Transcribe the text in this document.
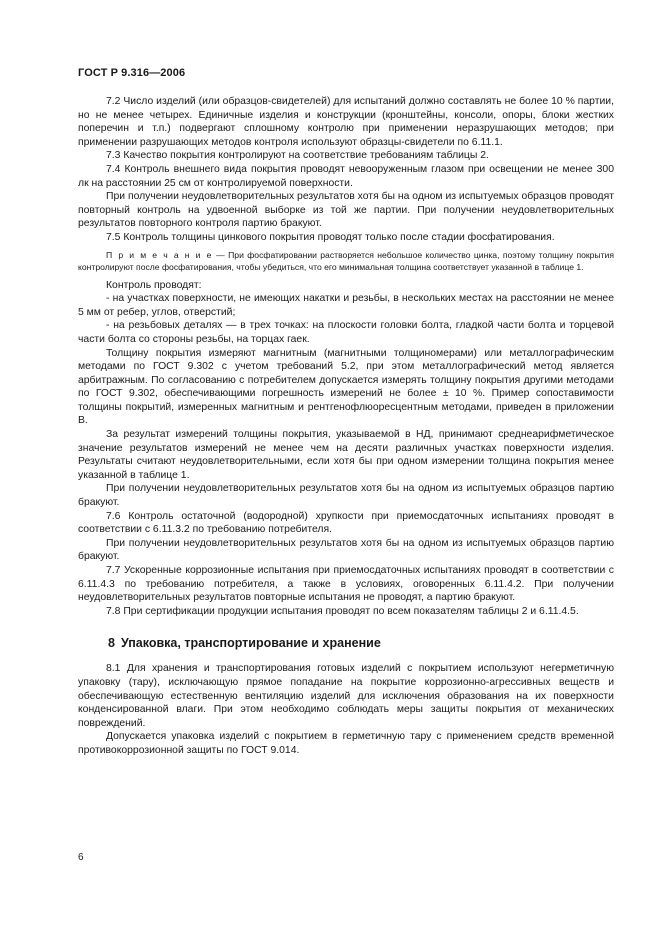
ГОСТ Р 9.316—2006

7.2 Число изделий (или образцов-свидетелей) для испытаний должно составлять не более 10 % партии, но не менее четырех. Единичные изделия и конструкции (кронштейны, консоли, опоры, блоки жестких поперечин и т.п.) подвергают сплошному контролю при применении неразрушающих методов; при применении разрушающих методов контроля используют образцы-свидетели по 6.11.1.

7.3 Качество покрытия контролируют на соответствие требованиям таблицы 2.

7.4 Контроль внешнего вида покрытия проводят невооруженным глазом при освещении не менее 300 лк на расстоянии 25 см от контролируемой поверхности.

При получении неудовлетворительных результатов хотя бы на одном из испытуемых образцов проводят повторный контроль на удвоенной выборке из той же партии. При получении неудовлетворительных результатов повторного контроля партию бракуют.

7.5 Контроль толщины цинкового покрытия проводят только после стадии фосфатирования.

П р и м е ч а н и е — При фосфатировании растворяется небольшое количество цинка, поэтому толщину покрытия контролируют после фосфатирования, чтобы убедиться, что его минимальная толщина соответствует указанной в таблице 1.

Контроль проводят:

- на участках поверхности, не имеющих накатки и резьбы, в нескольких местах на расстоянии не менее 5 мм от ребер, углов, отверстий;

- на резьбовых деталях — в трех точках: на плоскости головки болта, гладкой части болта и торцевой части болта со стороны резьбы, на торцах гаек.

Толщину покрытия измеряют магнитным (магнитными толщиномерами) или металлографическим методами по ГОСТ 9.302 с учетом требований 5.2, при этом металлографический метод является арбитражным. По согласованию с потребителем допускается измерять толщину покрытия другими методами по ГОСТ 9.302, обеспечивающими погрешность измерений не более ± 10 %. Пример сопоставимости толщины покрытий, измеренных магнитным и рентгенофлюоресцентным методами, приведен в приложении В.

За результат измерений толщины покрытия, указываемой в НД, принимают среднеарифметическое значение результатов измерений не менее чем на десяти различных участках поверхности изделия. Результаты считают неудовлетворительными, если хотя бы при одном измерении толщина покрытия менее указанной в таблице 1.

При получении неудовлетворительных результатов хотя бы на одном из испытуемых образцов партию бракуют.

7.6 Контроль остаточной (водородной) хрупкости при приемосдаточных испытаниях проводят в соответствии с 6.11.3.2 по требованию потребителя.

При получении неудовлетворительных результатов хотя бы на одном из испытуемых образцов партию бракуют.

7.7 Ускоренные коррозионные испытания при приемосдаточных испытаниях проводят в соответствии с 6.11.4.3 по требованию потребителя, а также в условиях, оговоренных 6.11.4.2. При получении неудовлетворительных результатов повторные испытания не проводят, а партию бракуют.

7.8 При сертификации продукции испытания проводят по всем показателям таблицы 2 и 6.11.4.5.

8 Упаковка, транспортирование и хранение

8.1 Для хранения и транспортирования готовых изделий с покрытием используют негерметичную упаковку (тару), исключающую прямое попадание на покрытие коррозионно-агрессивных веществ и обеспечивающую естественную вентиляцию изделий для исключения образования на их поверхности конденсированной влаги. При этом необходимо соблюдать меры защиты покрытия от механических повреждений.

Допускается упаковка изделий с покрытием в герметичную тару с применением средств временной противокоррозионной защиты по ГОСТ 9.014.

6
